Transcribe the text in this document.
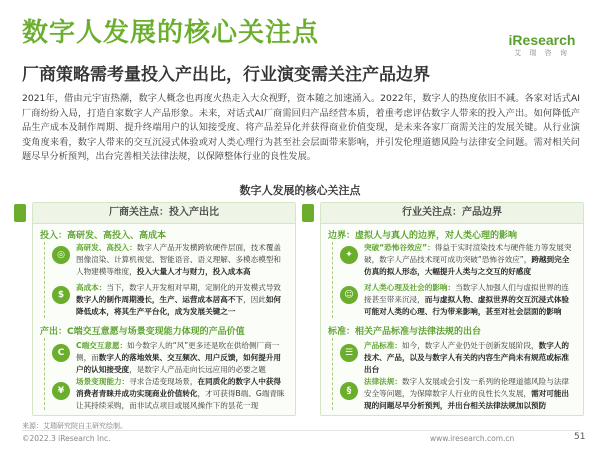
数字人发展的核心关注点
厂商策略需考量投入产出比，行业演变需关注产品边界
iResearch
艾 瑞 咨 询
2021年，借由元宇宙热潮，数字人概念也再度火热走入大众视野，资本随之加速涌入。2022年，数字人的热度依旧不减。各家对话式AI厂商纷纷入局，打造自家数字人产品形象。未来，对话式AI厂商需回归产品经营本质，着重考虑评估数字人带来的投入产出。如何降低产品生产成本及制作周期、提升终端用户的认知接受度、将产品差异化并获得商业价值变现，是未来各家厂商需关注的发展关键。从行业演变角度来看，数字人带来的交互沉浸式体验或对人类心理行为甚至社会层面带来影响，并引发伦理道德风险与法律安全问题。需对相关问题尽早分析预判，出台完善相关法律法规，以保障整体行业的良性发展。
数字人发展的核心关注点
厂商关注点：投入产出比
投入：高研发、高投入、高成本
◎
高研发、高投入：数字人产品开发横跨软硬件层面，技术覆盖图像渲染、计算机视觉、智能语音、语义理解、多模态模型和人物建模等维度，投入大量人才与财力，投入成本高
$
高成本：当下，数字人开发相对早期，定制化的开发模式导致数字人的制作周期漫长，生产、运营成本居高不下，因此如何降低成本，将其生产平台化，成为发展关键之一
产出：C端交互意愿与场景变现能力体现的产品价值
C
C端交互意愿：如今数字人的“风”更多还是吹在供给侧厂商一侧，而数字人的落地效果、交互频次、用户反馈，如何提升用户的认知接受度，是数字人产品走向长远应用的必要之题
¥
场景变现能力：寻求合适变现场景，在同质化的数字人中获得消费者青睐并成功实现商业价值转化，才可获得B端、G端青睐让其持续采购，而非试点项目或展风操作下的昙花一现
行业关注点：产品边界
边界：虚拟人与真人的边界，对人类心理的影响
✦
突破“恐怖谷效应”：得益于实时渲染技术与硬件能力等发展突破，数字人产品技术现可成功突破“恐怖谷效应”，跨越到完全仿真的拟人形态，大幅提升人类与之交互的好感度
☺
对人类心理及社会的影响：当数字人加强人们与虚拟世界的连接甚至带来沉浸，而与虚拟人物、虚拟世界的交互沉浸式体验可能对人类的心理、行为带来影响，甚至对社会层面的影响
标准：相关产品标准与法律法规的出台
☰
产品标准：如今，数字人产业仍处于创新发展阶段，数字人的技术、产品，以及与数字人有关的内容生产尚未有规范或标准出台
§
法律法规：数字人发展或会引发一系列的伦理道德风险与法律安全等问题，为保障数字人行业的良性长久发展，需对可能出现的问题尽早分析预判，并出台相关法律法规加以预防
来源：艾瑞研究院自主研究绘制。
©2022.3 iResearch Inc.	www.iresearch.com.cn	51
